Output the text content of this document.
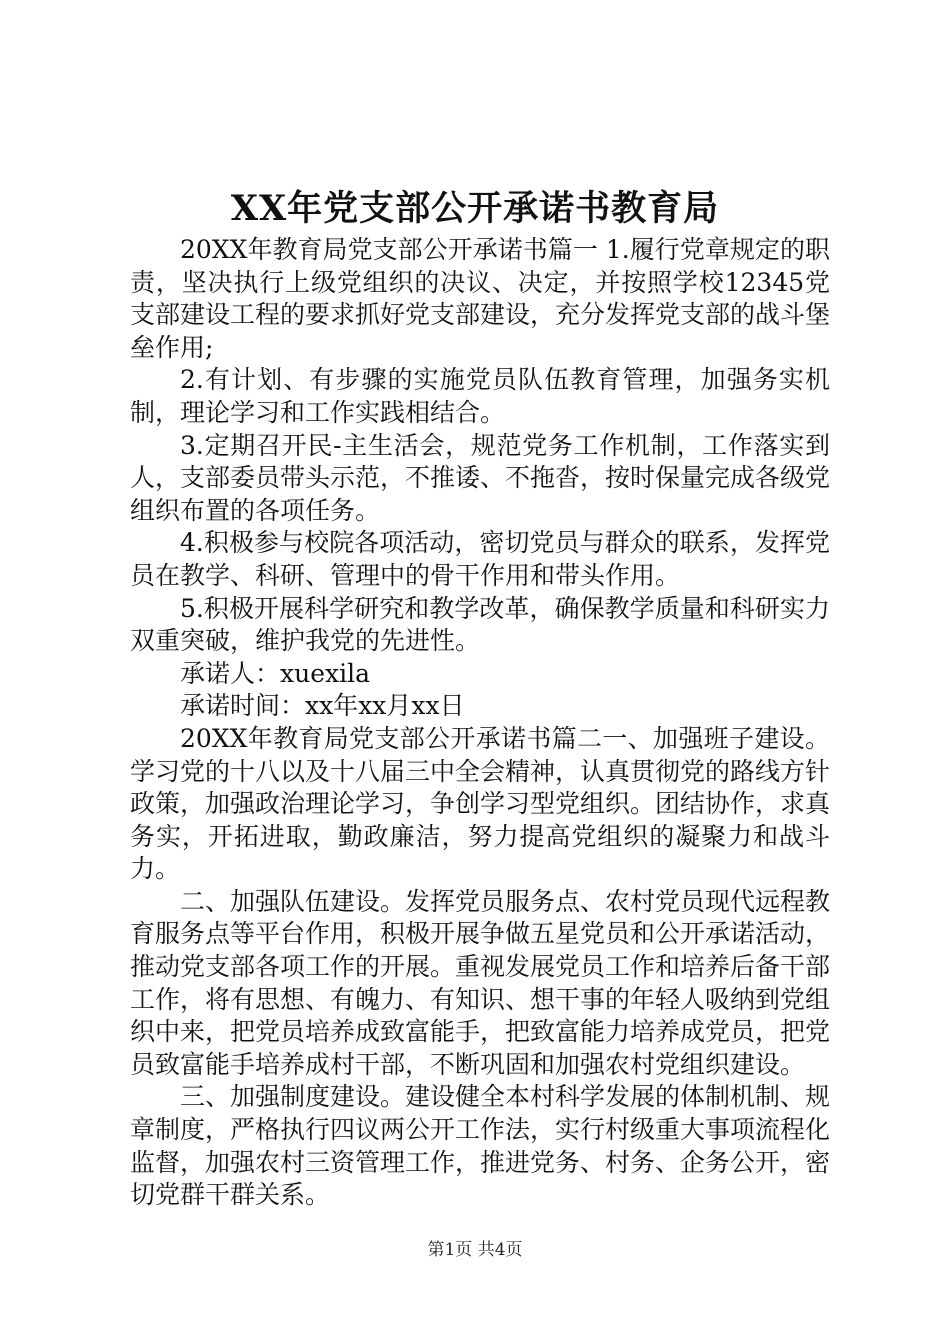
XX年党支部公开承诺书教育局

20XX年教育局党支部公开承诺书篇一 1.履行党章规定的职责，坚决执行上级党组织的决议、决定，并按照学校12345党支部建设工程的要求抓好党支部建设，充分发挥党支部的战斗堡垒作用;

2.有计划、有步骤的实施党员队伍教育管理，加强务实机制，理论学习和工作实践相结合。

3.定期召开民-主生活会，规范党务工作机制，工作落实到人，支部委员带头示范，不推诿、不拖沓，按时保量完成各级党组织布置的各项任务。

4.积极参与校院各项活动，密切党员与群众的联系，发挥党员在教学、科研、管理中的骨干作用和带头作用。

5.积极开展科学研究和教学改革，确保教学质量和科研实力双重突破，维护我党的先进性。

承诺人：xuexila

承诺时间：xx年xx月xx日

20XX年教育局党支部公开承诺书篇二一、加强班子建设。学习党的十八以及十八届三中全会精神，认真贯彻党的路线方针政策，加强政治理论学习，争创学习型党组织。团结协作，求真务实，开拓进取，勤政廉洁，努力提高党组织的凝聚力和战斗力。

二、加强队伍建设。发挥党员服务点、农村党员现代远程教育服务点等平台作用，积极开展争做五星党员和公开承诺活动，推动党支部各项工作的开展。重视发展党员工作和培养后备干部工作，将有思想、有魄力、有知识、想干事的年轻人吸纳到党组织中来，把党员培养成致富能手，把致富能力培养成党员，把党员致富能手培养成村干部，不断巩固和加强农村党组织建设。

三、加强制度建设。建设健全本村科学发展的体制机制、规章制度，严格执行四议两公开工作法，实行村级重大事项流程化监督，加强农村三资管理工作，推进党务、村务、企务公开，密切党群干群关系。

第1页 共4页
